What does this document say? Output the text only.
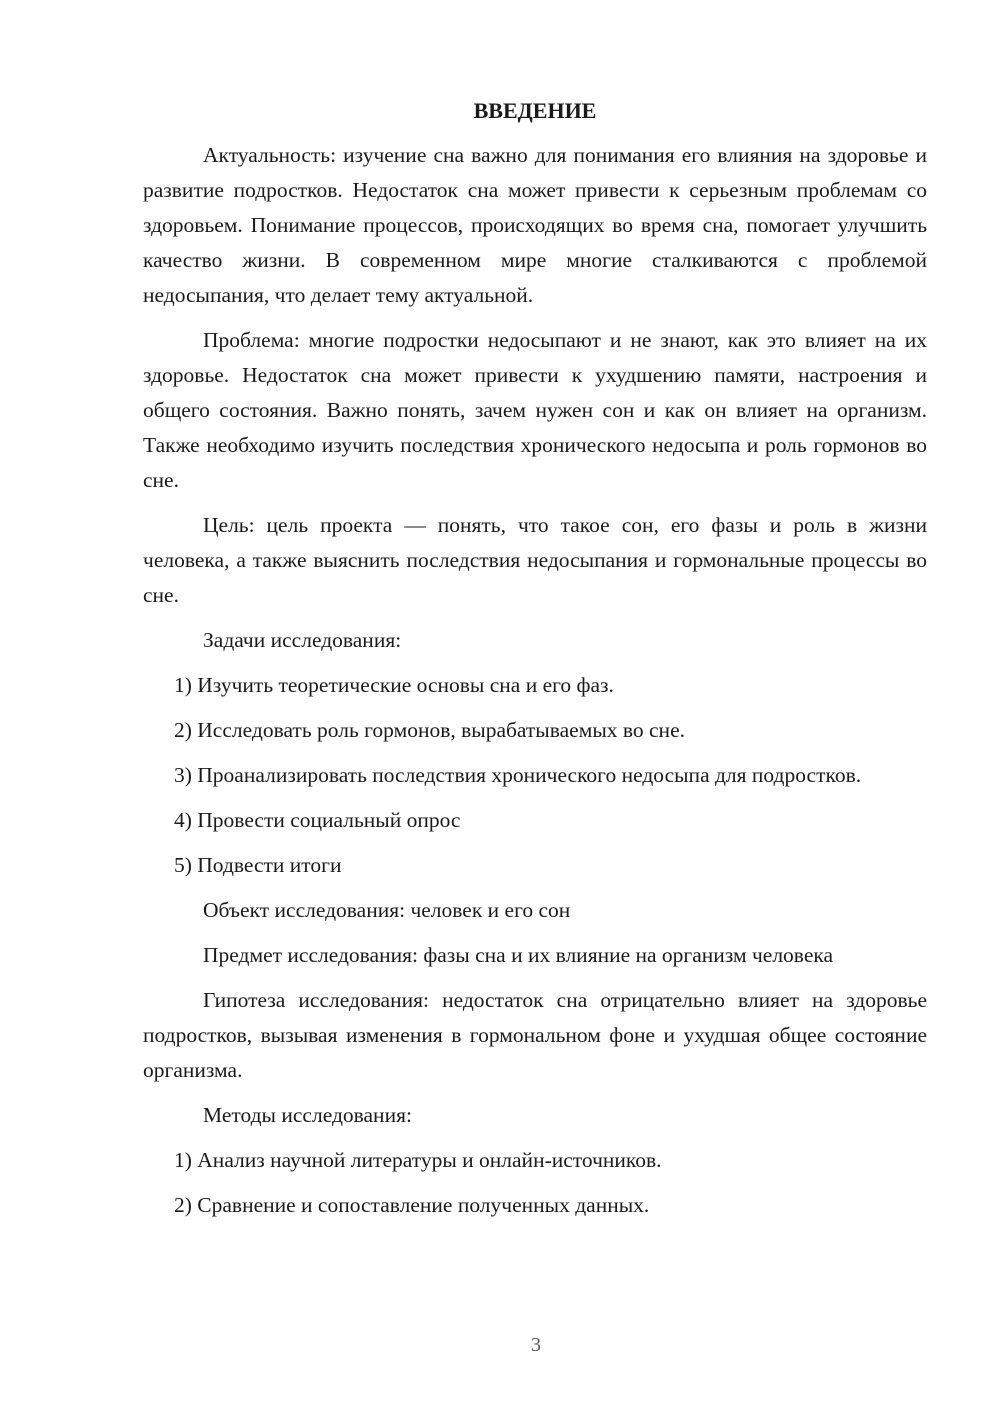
ВВЕДЕНИЕ

Актуальность: изучение сна важно для понимания его влияния на здоровье и развитие подростков. Недостаток сна может привести к серьезным проблемам со здоровьем. Понимание процессов, происходящих во время сна, помогает улучшить качество жизни. В современном мире многие сталкиваются с проблемой недосыпания, что делает тему актуальной.

Проблема: многие подростки недосыпают и не знают, как это влияет на их здоровье. Недостаток сна может привести к ухудшению памяти, настроения и общего состояния. Важно понять, зачем нужен сон и как он влияет на организм. Также необходимо изучить последствия хронического недосыпа и роль гормонов во сне.

Цель: цель проекта — понять, что такое сон, его фазы и роль в жизни человека, а также выяснить последствия недосыпания и гормональные процессы во сне.

Задачи исследования:

1) Изучить теоретические основы сна и его фаз.

2) Исследовать роль гормонов, вырабатываемых во сне.

3) Проанализировать последствия хронического недосыпа для подростков.

4) Провести социальный опрос

5) Подвести итоги

Объект исследования: человек и его сон

Предмет исследования: фазы сна и их влияние на организм человека

Гипотеза исследования: недостаток сна отрицательно влияет на здоровье подростков, вызывая изменения в гормональном фоне и ухудшая общее состояние организма.

Методы исследования:

1) Анализ научной литературы и онлайн-источников.

2) Сравнение и сопоставление полученных данных.

3
